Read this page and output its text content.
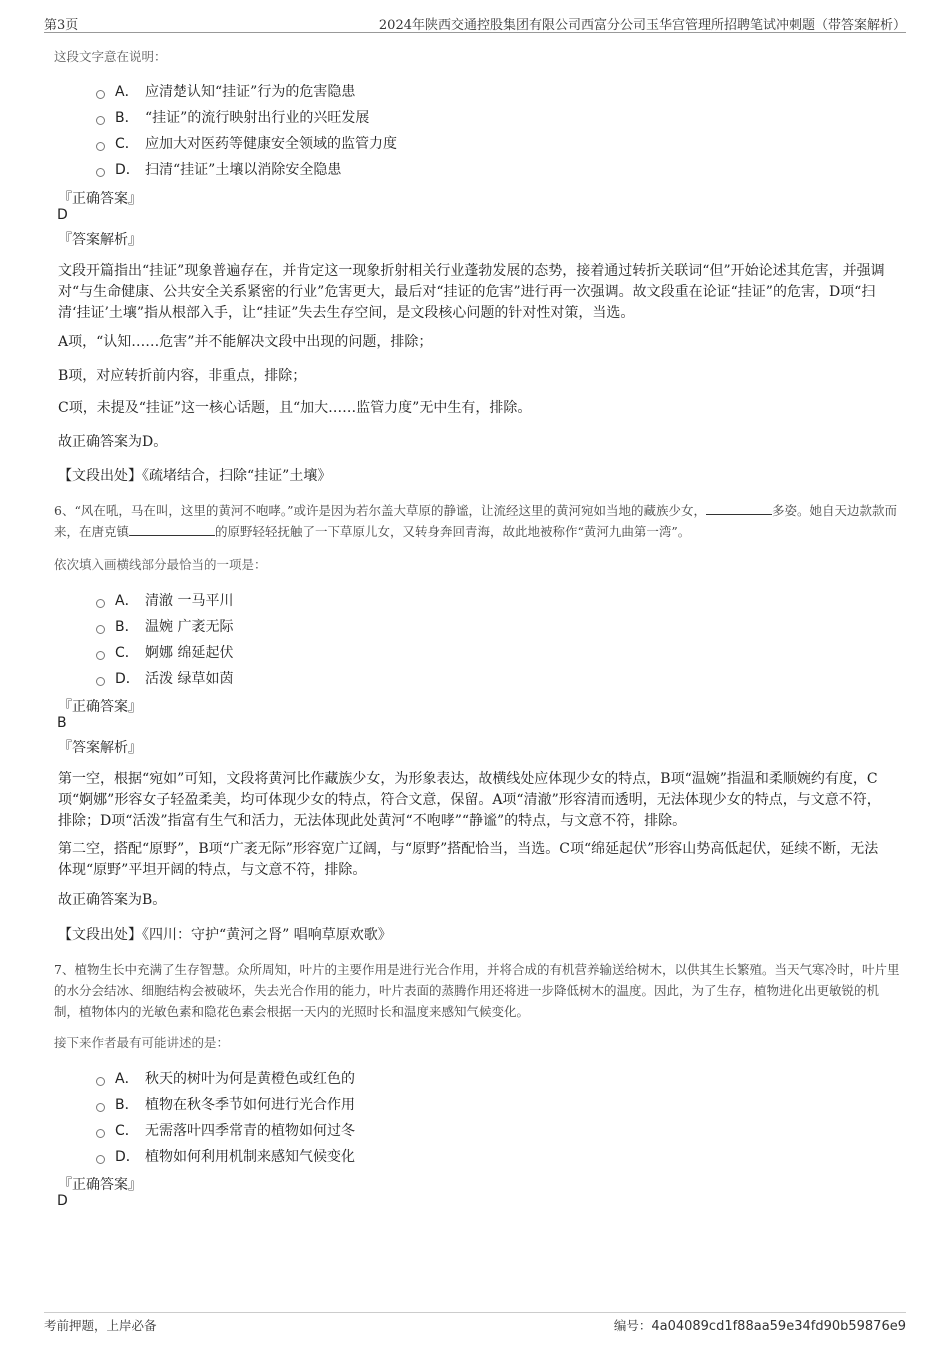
第3页	2024年陕西交通控股集团有限公司西富分公司玉华宫管理所招聘笔试冲刺题（带答案解析）
这段文字意在说明：
A． 应清楚认知“挂证”行为的危害隐患
B． “挂证”的流行映射出行业的兴旺发展
C． 应加大对医药等健康安全领域的监管力度
D． 扫清“挂证”土壤以消除安全隐患
『正确答案』
D
『答案解析』
文段开篇指出“挂证”现象普遍存在，并肯定这一现象折射相关行业蓬勃发展的态势，接着通过转折关联词“但”开始论述其危害，并强调对“与生命健康、公共安全关系紧密的行业”危害更大，最后对“挂证的危害”进行再一次强调。故文段重在论证“挂证”的危害，D项“扫清‘挂证’土壤”指从根部入手，让“挂证”失去生存空间，是文段核心问题的针对性对策，当选。
A项，“认知……危害”并不能解决文段中出现的问题，排除；
B项，对应转折前内容，非重点，排除；
C项，未提及“挂证”这一核心话题，且“加大……监管力度”无中生有，排除。
故正确答案为D。
【文段出处】《疏堵结合，扫除“挂证”土壤》
6、“风在吼，马在叫，这里的黄河不咆哮。”或许是因为若尔盖大草原的静谧，让流经这里的黄河宛如当地的藏族少女，	多姿。她自天边款款而来，在唐克镇	的原野轻轻抚触了一下草原儿女，又转身奔回青海，故此地被称作“黄河九曲第一湾”。
依次填入画横线部分最恰当的一项是：
A． 清澈 一马平川
B． 温婉 广袤无际
C． 婀娜 绵延起伏
D． 活泼 绿草如茵
『正确答案』
B
『答案解析』
第一空，根据“宛如”可知，文段将黄河比作藏族少女，为形象表达，故横线处应体现少女的特点，B项“温婉”指温和柔顺婉约有度，C项“婀娜”形容女子轻盈柔美，均可体现少女的特点，符合文意，保留。A项“清澈”形容清而透明，无法体现少女的特点，与文意不符，排除；D项“活泼”指富有生气和活力，无法体现此处黄河“不咆哮”“静谧”的特点，与文意不符，排除。
第二空，搭配“原野”，B项“广袤无际”形容宽广辽阔，与“原野”搭配恰当，当选。C项“绵延起伏”形容山势高低起伏，延续不断，无法体现“原野”平坦开阔的特点，与文意不符，排除。
故正确答案为B。
【文段出处】《四川：守护“黄河之肾” 唱响草原欢歌》
7、植物生长中充满了生存智慧。众所周知，叶片的主要作用是进行光合作用，并将合成的有机营养输送给树木，以供其生长繁殖。当天气寒冷时，叶片里的水分会结冰、细胞结构会被破坏，失去光合作用的能力，叶片表面的蒸腾作用还将进一步降低树木的温度。因此，为了生存，植物进化出更敏锐的机制，植物体内的光敏色素和隐花色素会根据一天内的光照时长和温度来感知气候变化。
接下来作者最有可能讲述的是：
A． 秋天的树叶为何是黄橙色或红色的
B． 植物在秋冬季节如何进行光合作用
C． 无需落叶四季常青的植物如何过冬
D． 植物如何利用机制来感知气候变化
『正确答案』
D
考前押题，上岸必备	编号：4a04089cd1f88aa59e34fd90b59876e9
